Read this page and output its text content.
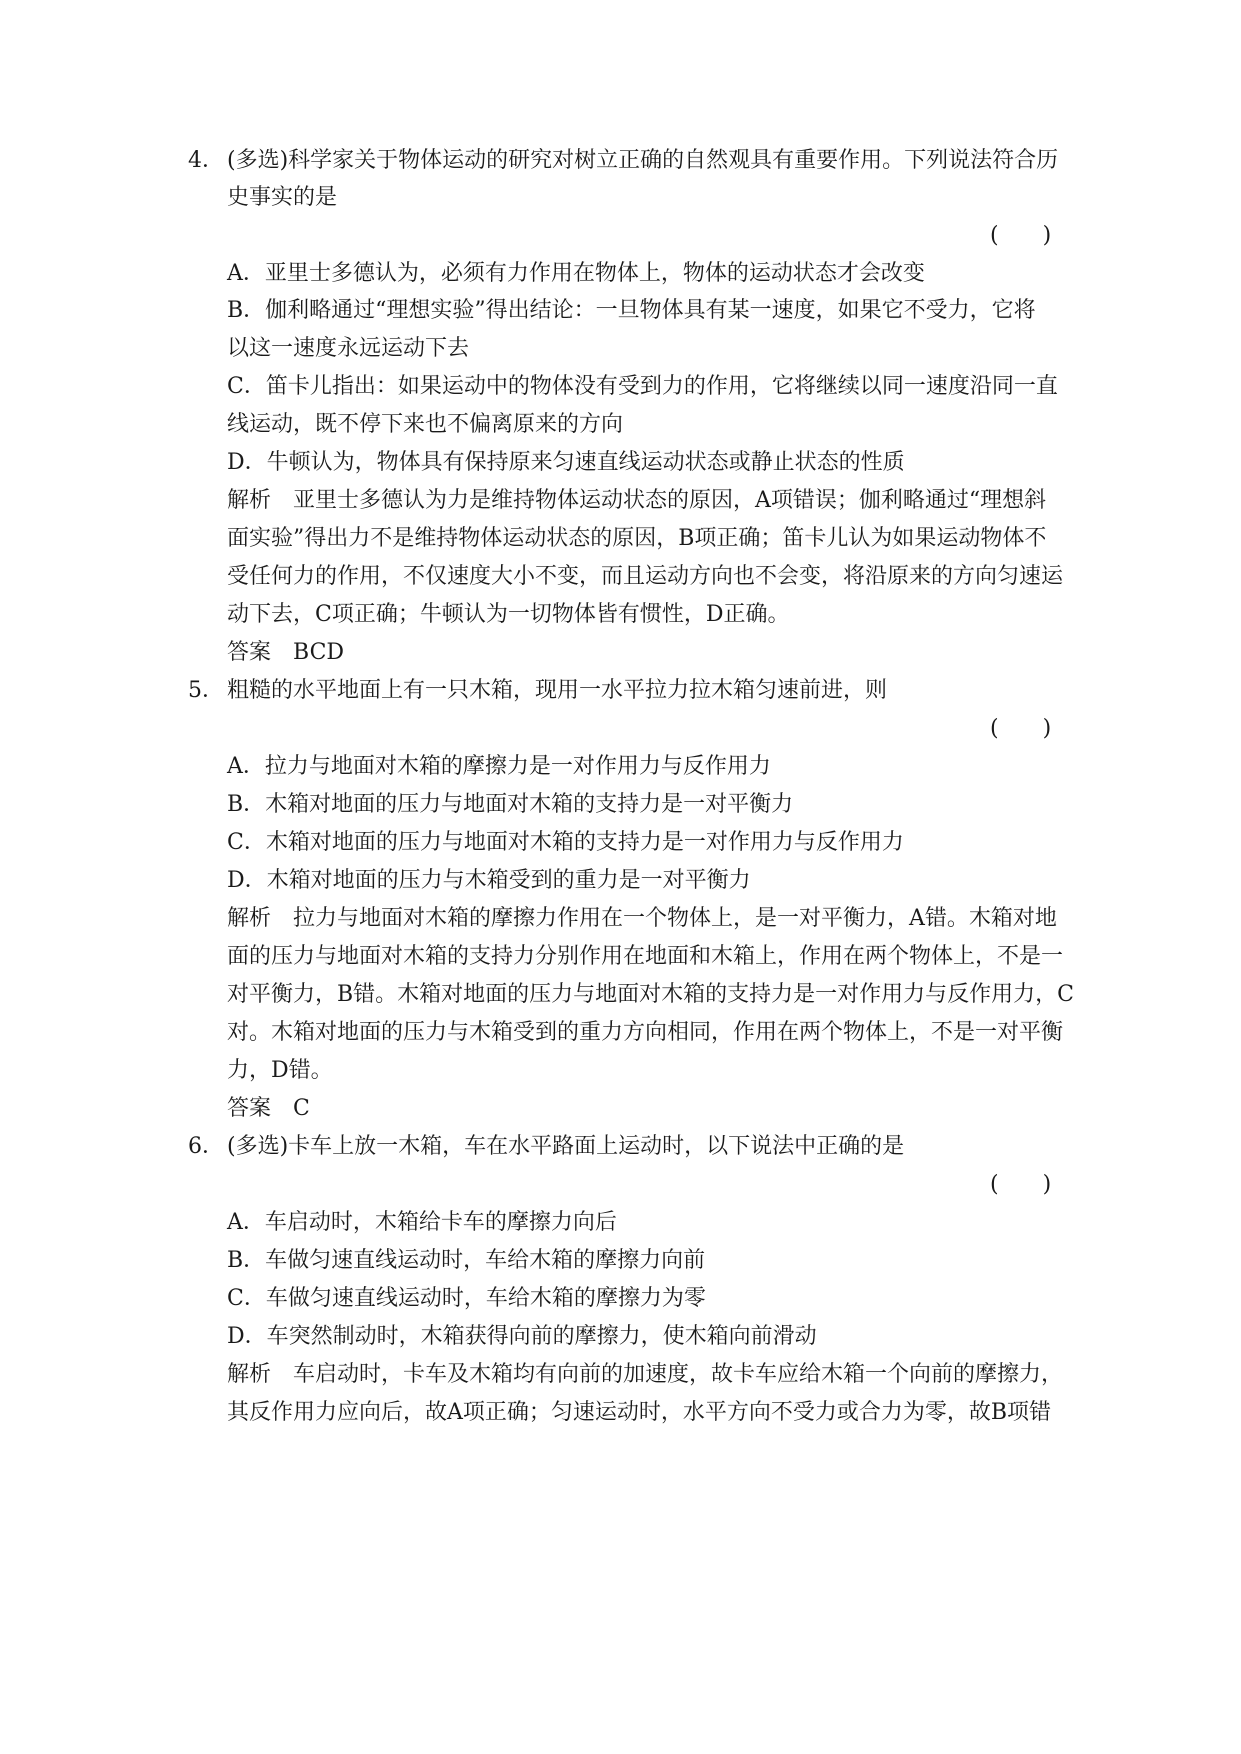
4． (多选)科学家关于物体运动的研究对树立正确的自然观具有重要作用。下列说法符合历
史事实的是
(　　)
A．亚里士多德认为，必须有力作用在物体上，物体的运动状态才会改变
B．伽利略通过“理想实验”得出结论：一旦物体具有某一速度，如果它不受力，它将
以这一速度永远运动下去
C．笛卡儿指出：如果运动中的物体没有受到力的作用，它将继续以同一速度沿同一直
线运动，既不停下来也不偏离原来的方向
D．牛顿认为，物体具有保持原来匀速直线运动状态或静止状态的性质
解析　亚里士多德认为力是维持物体运动状态的原因，A项错误；伽利略通过“理想斜
面实验”得出力不是维持物体运动状态的原因，B项正确；笛卡儿认为如果运动物体不
受任何力的作用，不仅速度大小不变，而且运动方向也不会变，将沿原来的方向匀速运
动下去，C项正确；牛顿认为一切物体皆有惯性，D正确。
答案　BCD
5． 粗糙的水平地面上有一只木箱，现用一水平拉力拉木箱匀速前进，则
(　　)
A．拉力与地面对木箱的摩擦力是一对作用力与反作用力
B．木箱对地面的压力与地面对木箱的支持力是一对平衡力
C．木箱对地面的压力与地面对木箱的支持力是一对作用力与反作用力
D．木箱对地面的压力与木箱受到的重力是一对平衡力
解析　拉力与地面对木箱的摩擦力作用在一个物体上，是一对平衡力，A错。木箱对地
面的压力与地面对木箱的支持力分别作用在地面和木箱上，作用在两个物体上，不是一
对平衡力，B错。木箱对地面的压力与地面对木箱的支持力是一对作用力与反作用力，C
对。木箱对地面的压力与木箱受到的重力方向相同，作用在两个物体上，不是一对平衡
力，D错。
答案　C
6． (多选)卡车上放一木箱，车在水平路面上运动时，以下说法中正确的是
(　　)
A．车启动时，木箱给卡车的摩擦力向后
B．车做匀速直线运动时，车给木箱的摩擦力向前
C．车做匀速直线运动时，车给木箱的摩擦力为零
D．车突然制动时，木箱获得向前的摩擦力，使木箱向前滑动
解析　车启动时，卡车及木箱均有向前的加速度，故卡车应给木箱一个向前的摩擦力，
其反作用力应向后，故A项正确；匀速运动时，水平方向不受力或合力为零，故B项错
